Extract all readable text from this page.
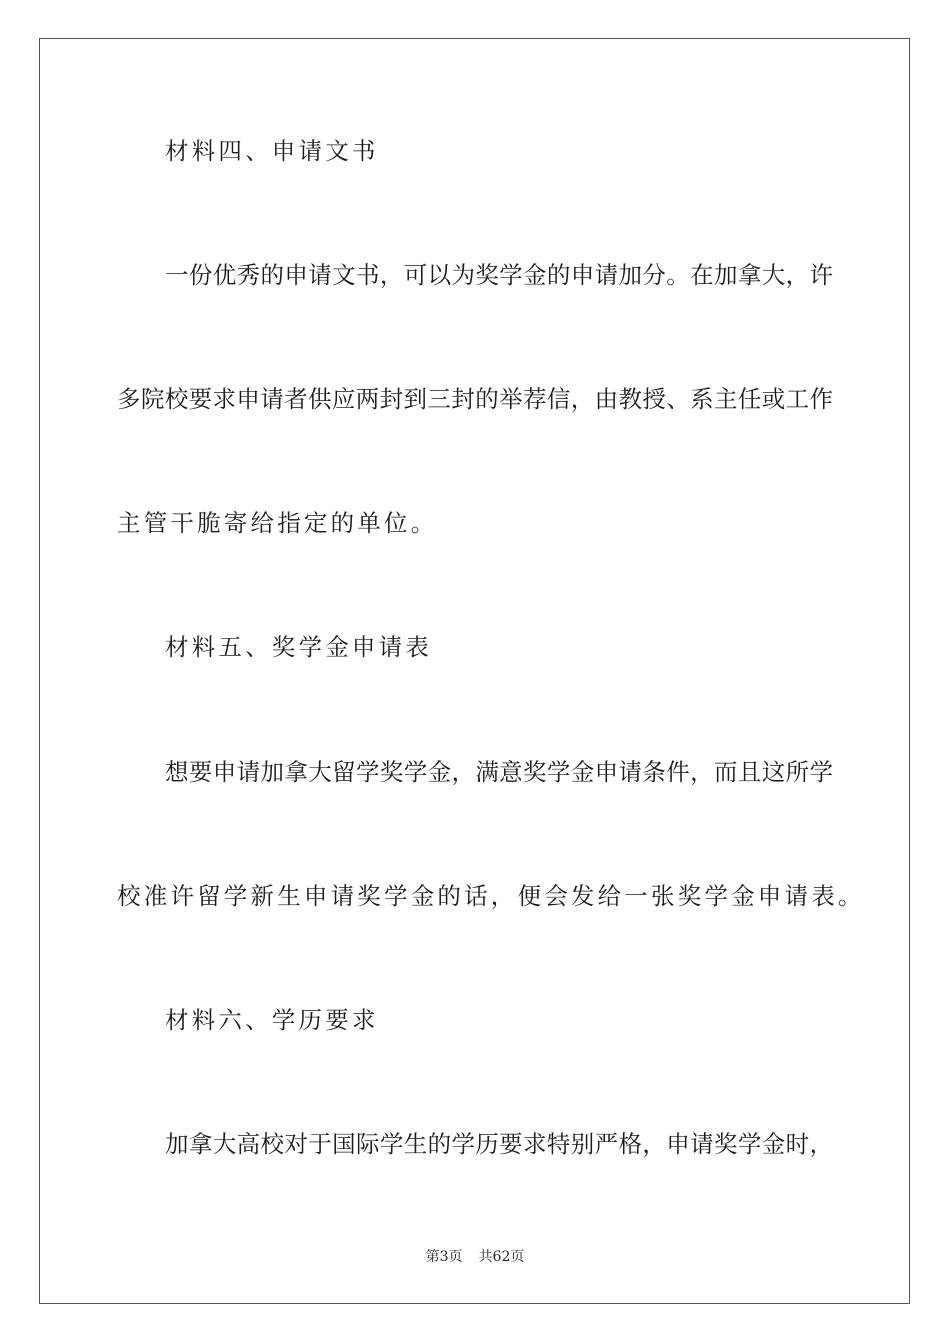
材料四、申请文书
一份优秀的申请文书，可以为奖学金的申请加分。在加拿大，许
多院校要求申请者供应两封到三封的举荐信，由教授、系主任或工作
主管干脆寄给指定的单位。
材料五、奖学金申请表
想要申请加拿大留学奖学金，满意奖学金申请条件，而且这所学
校准许留学新生申请奖学金的话，便会发给一张奖学金申请表。
材料六、学历要求
加拿大高校对于国际学生的学历要求特别严格，申请奖学金时，
第3页 共62页
